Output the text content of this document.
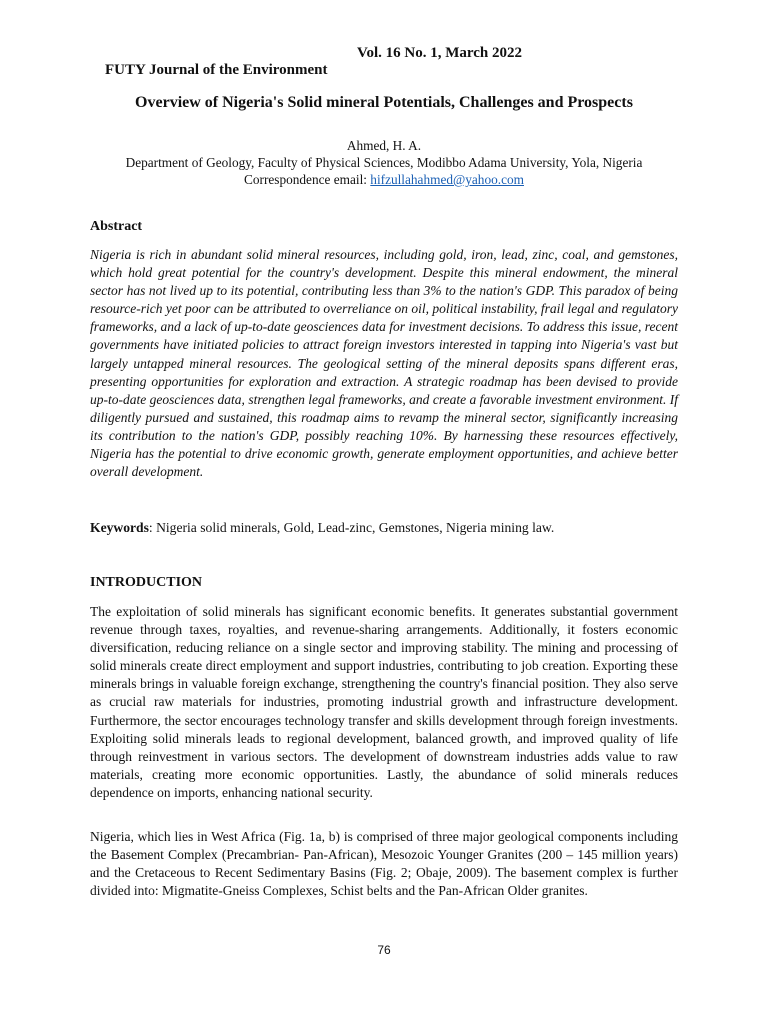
FUTY Journal of the Environment

Vol. 16 No. 1, March 2022

Overview of Nigeria's Solid mineral Potentials, Challenges and Prospects
Ahmed, H. A.
Department of Geology, Faculty of Physical Sciences, Modibbo Adama University, Yola, Nigeria
Correspondence email: hifzullahahmed@yahoo.com
Abstract
Nigeria is rich in abundant solid mineral resources, including gold, iron, lead, zinc, coal, and gemstones, which hold great potential for the country's development. Despite this mineral endowment, the mineral sector has not lived up to its potential, contributing less than 3% to the nation's GDP. This paradox of being resource-rich yet poor can be attributed to overreliance on oil, political instability, frail legal and regulatory frameworks, and a lack of up-to-date geosciences data for investment decisions. To address this issue, recent governments have initiated policies to attract foreign investors interested in tapping into Nigeria's vast but largely untapped mineral resources. The geological setting of the mineral deposits spans different eras, presenting opportunities for exploration and extraction. A strategic roadmap has been devised to provide up-to-date geosciences data, strengthen legal frameworks, and create a favorable investment environment. If diligently pursued and sustained, this roadmap aims to revamp the mineral sector, significantly increasing its contribution to the nation's GDP, possibly reaching 10%. By harnessing these resources effectively, Nigeria has the potential to drive economic growth, generate employment opportunities, and achieve better overall development.
Keywords: Nigeria solid minerals, Gold, Lead-zinc, Gemstones, Nigeria mining law.
INTRODUCTION
The exploitation of solid minerals has significant economic benefits. It generates substantial government revenue through taxes, royalties, and revenue-sharing arrangements. Additionally, it fosters economic diversification, reducing reliance on a single sector and improving stability. The mining and processing of solid minerals create direct employment and support industries, contributing to job creation. Exporting these minerals brings in valuable foreign exchange, strengthening the country's financial position. They also serve as crucial raw materials for industries, promoting industrial growth and infrastructure development. Furthermore, the sector encourages technology transfer and skills development through foreign investments. Exploiting solid minerals leads to regional development, balanced growth, and improved quality of life through reinvestment in various sectors. The development of downstream industries adds value to raw materials, creating more economic opportunities. Lastly, the abundance of solid minerals reduces dependence on imports, enhancing national security.
Nigeria, which lies in West Africa (Fig. 1a, b) is comprised of three major geological components including the Basement Complex (Precambrian- Pan-African), Mesozoic Younger Granites (200 – 145 million years) and the Cretaceous to Recent Sedimentary Basins (Fig. 2; Obaje, 2009). The basement complex is further divided into: Migmatite-Gneiss Complexes, Schist belts and the Pan-African Older granites.
76
